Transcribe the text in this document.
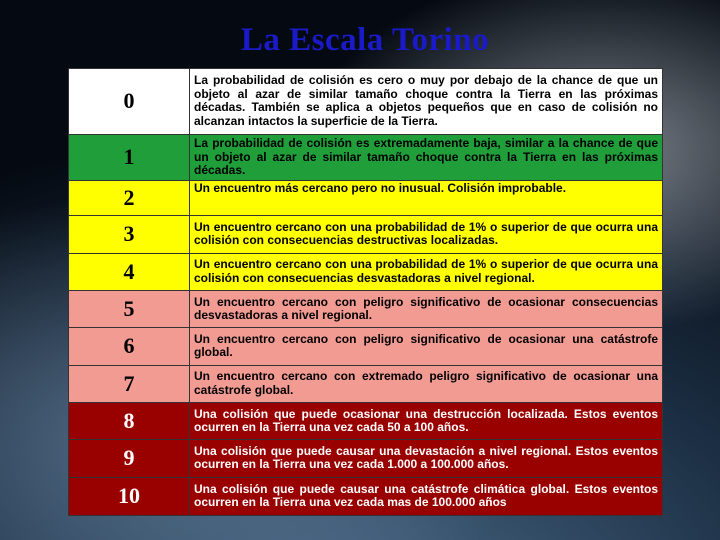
La Escala Torino
0	La probabilidad de colisión es cero o muy por debajo de la chance de que un objeto al azar de similar tamaño choque contra la Tierra en las próximas décadas. También se aplica a objetos pequeños que en caso de colisión no alcanzan intactos la superficie de la Tierra.
1	La probabilidad de colisión es extremadamente baja, similar a la chance de que un objeto al azar de similar tamaño choque contra la Tierra en las próximas décadas.
2	Un encuentro más cercano pero no inusual. Colisión improbable.
3	Un encuentro cercano con una probabilidad de 1% o superior de que ocurra una colisión con consecuencias destructivas localizadas.
4	Un encuentro cercano con una probabilidad de 1% o superior de que ocurra una colisión con consecuencias desvastadoras a nivel regional.
5	Un encuentro cercano con peligro significativo de ocasionar consecuencias desvastadoras a nivel regional.
6	Un encuentro cercano con peligro significativo de ocasionar una catástrofe global.
7	Un encuentro cercano con extremado peligro significativo de ocasionar una catástrofe global.
8	Una colisión que puede ocasionar una destrucción localizada. Estos eventos ocurren en la Tierra una vez cada 50 a 100 años.
9	Una colisión que puede causar una devastación a nivel regional. Estos eventos ocurren en la Tierra una vez cada 1.000 a 100.000 años.
10	Una colisión que puede causar una catástrofe climática global. Estos eventos ocurren en la Tierra una vez cada mas de 100.000 años
